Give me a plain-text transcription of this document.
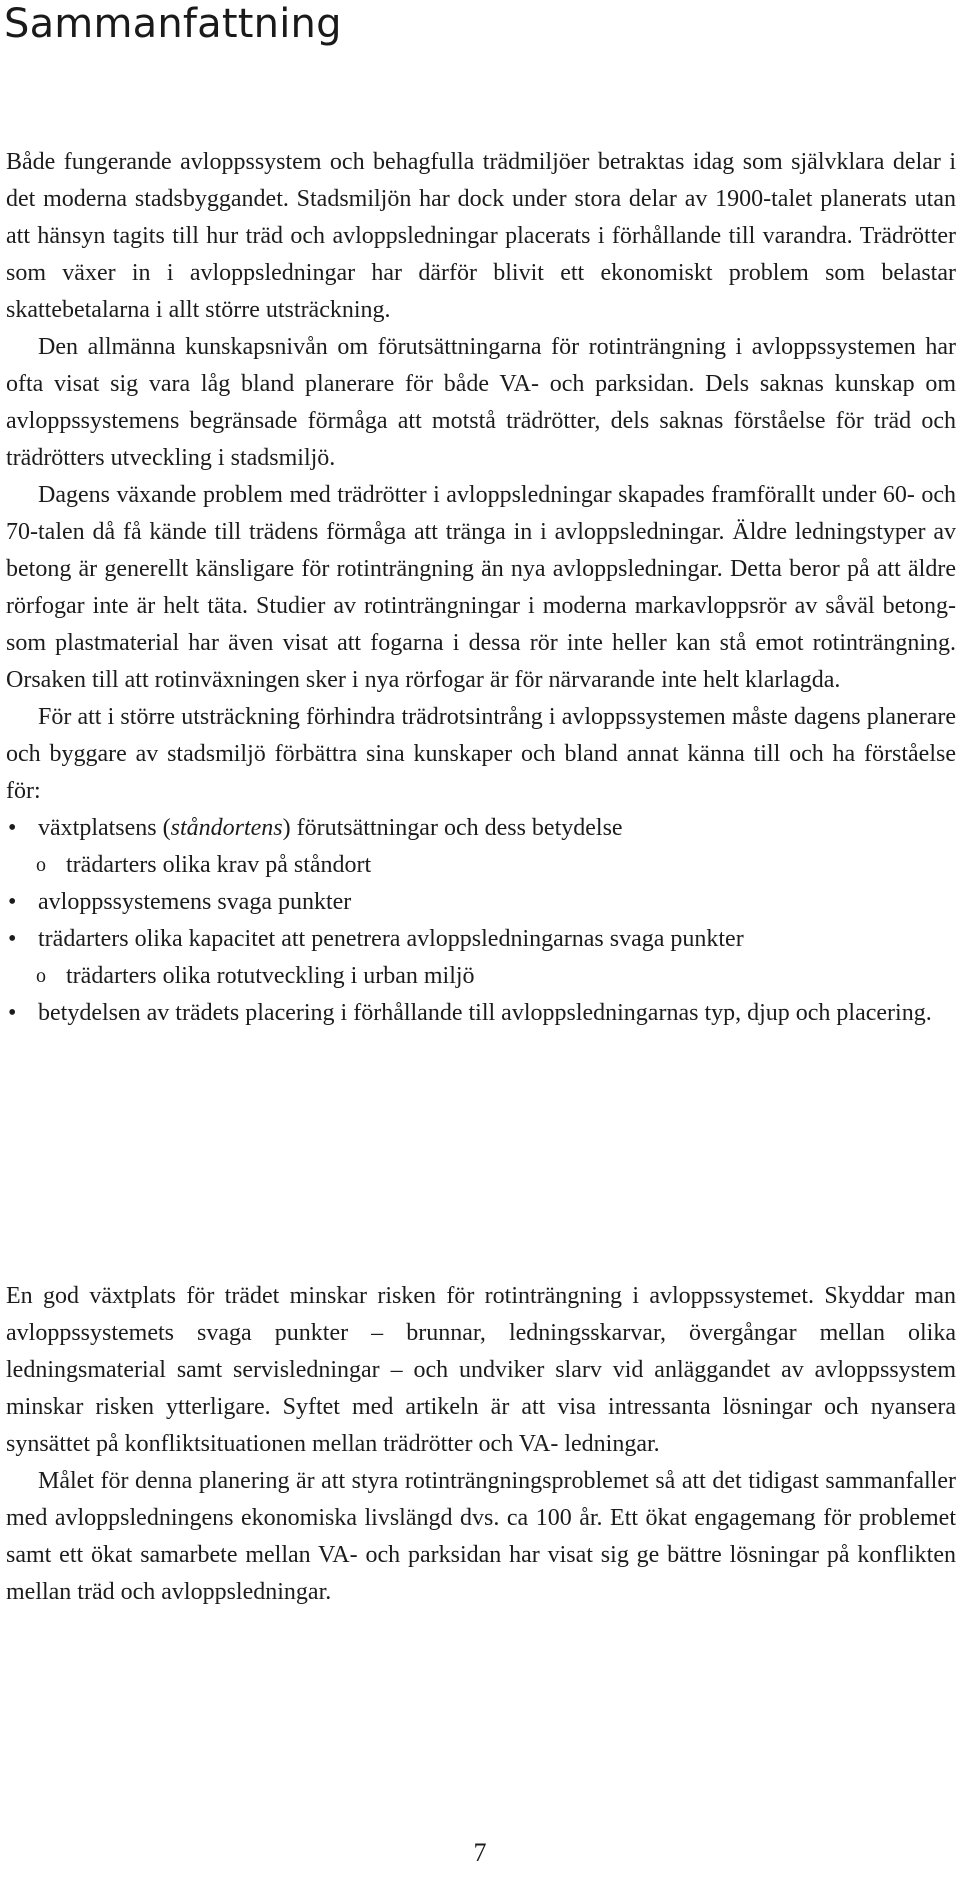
Sammanfattning

Både fungerande avloppssystem och behagfulla trädmiljöer betraktas idag som självklara delar i det moderna stadsbyggandet. Stadsmiljön har dock under stora delar av 1900-talet planerats utan att hänsyn tagits till hur träd och avloppsledningar placerats i förhållande till varandra. Trädrötter som växer in i avloppsledningar har därför blivit ett ekonomiskt problem som belastar skattebetalarna i allt större utsträckning.

Den allmänna kunskapsnivån om förutsättningarna för rotinträngning i avloppssystemen har ofta visat sig vara låg bland planerare för både VA- och parksidan. Dels saknas kunskap om avloppssystemens begränsade förmåga att motstå trädrötter, dels saknas förståelse för träd och trädrötters utveckling i stadsmiljö.

Dagens växande problem med trädrötter i avloppsledningar skapades framförallt under 60- och 70-talen då få kände till trädens förmåga att tränga in i avloppsledningar. Äldre ledningstyper av betong är generellt känsligare för rotinträngning än nya avloppsledningar. Detta beror på att äldre rörfogar inte är helt täta. Studier av rotinträngningar i moderna markavloppsrör av såväl betong- som plastmaterial har även visat att fogarna i dessa rör inte heller kan stå emot rotinträngning. Orsaken till att rotinväxningen sker i nya rörfogar är för närvarande inte helt klarlagda.

För att i större utsträckning förhindra trädrotsintrång i avloppssystemen måste dagens planerare och byggare av stadsmiljö förbättra sina kunskaper och bland annat känna till och ha förståelse för:

• växtplatsens (ståndortens) förutsättningar och dess betydelse
o trädarters olika krav på ståndort
• avloppssystemens svaga punkter
• trädarters olika kapacitet att penetrera avloppsledningarnas svaga punkter
o trädarters olika rotutveckling i urban miljö
• betydelsen av trädets placering i förhållande till avloppsledningarnas typ, djup och placering.

En god växtplats för trädet minskar risken för rotinträngning i avloppssystemet. Skyddar man avloppssystemets svaga punkter – brunnar, ledningsskarvar, övergångar mellan olika ledningsmaterial samt servisledningar – och undviker slarv vid anläggandet av avloppssystem minskar risken ytterligare. Syftet med artikeln är att visa intressanta lösningar och nyansera synsättet på konfliktsituationen mellan trädrötter och VA- ledningar.

Målet för denna planering är att styra rotinträngningsproblemet så att det tidigast sammanfaller med avloppsledningens ekonomiska livslängd dvs. ca 100 år. Ett ökat engagemang för problemet samt ett ökat samarbete mellan VA- och parksidan har visat sig ge bättre lösningar på konflikten mellan träd och avloppsledningar.

7
